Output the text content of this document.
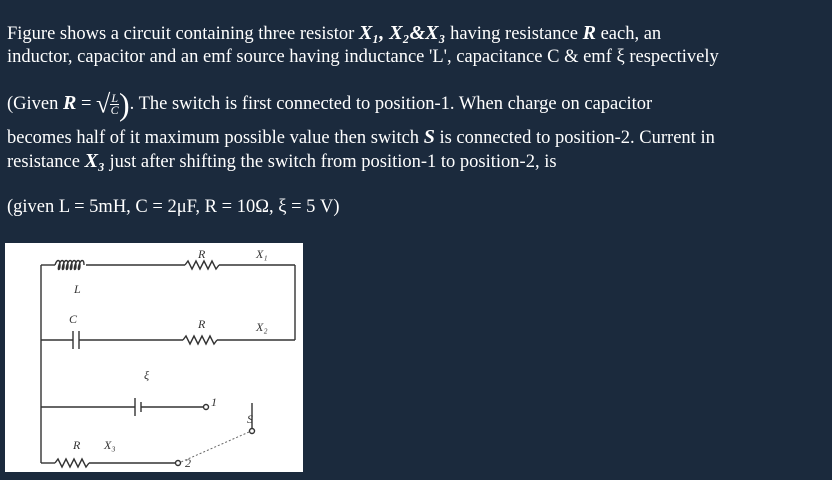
Figure shows a circuit containing three resistor X₁, X₂&X₃ having resistance R each, an
inductor, capacitor and an emf source having inductance 'L', capacitance C & emf ξ respectively
(Given R = √ $\frac{L}{C}$ ). The switch is first connected to position-1. When charge on capacitor
becomes half of it maximum possible value then switch S is connected to position-2. Current in
resistance X₃ just after shifting the switch from position-1 to position-2, is
(given L = 5mH, C = 2μF, R = 10Ω, ξ = 5 V)
L
C
R	X₁
R	X₂
ξ
1
S
R X₃
2
